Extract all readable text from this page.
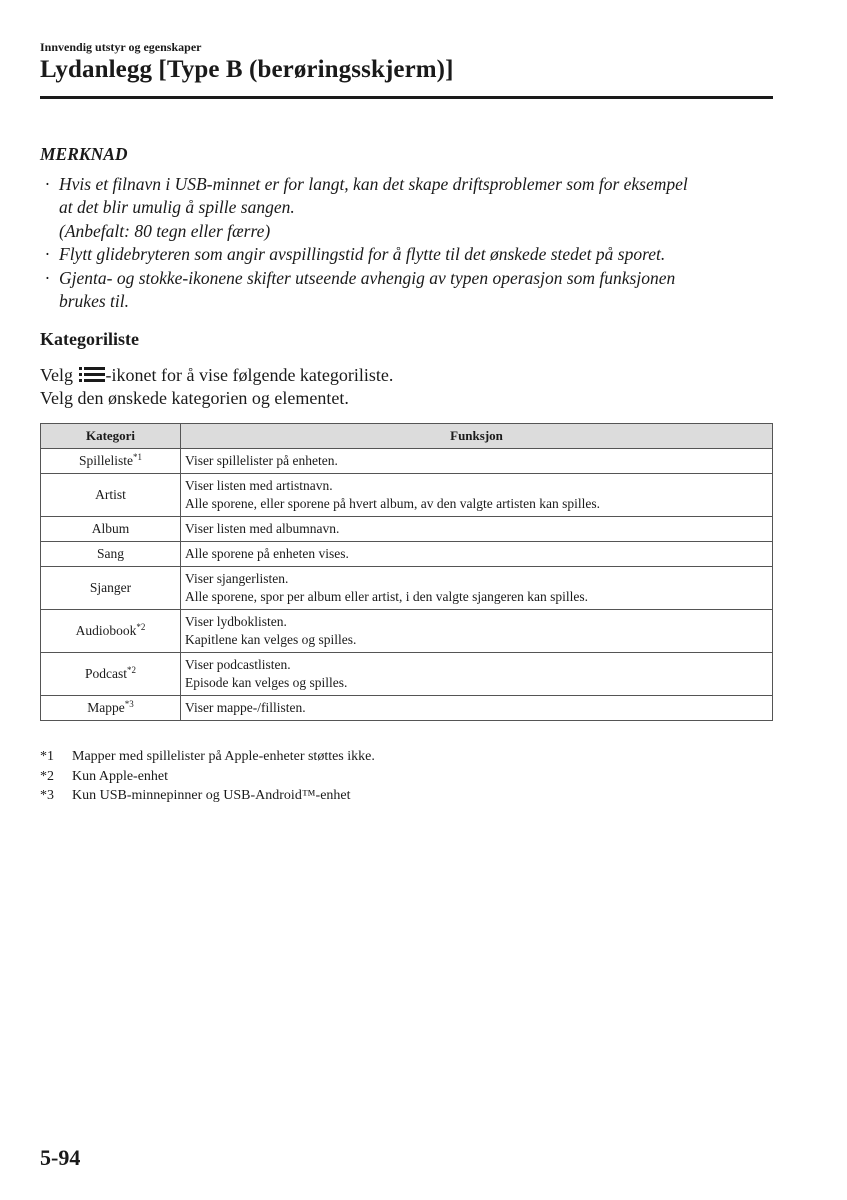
Innvendig utstyr og egenskaper
Lydanlegg [Type B (berøringsskjerm)]
MERKNAD
· Hvis et filnavn i USB-minnet er for langt, kan det skape driftsproblemer som for eksempel

at det blir umulig å spille sangen.

(Anbefalt: 80 tegn eller færre)

· Flytt glidebryteren som angir avspillingstid for å flytte til det ønskede stedet på sporet.

· Gjenta- og stokke-ikonene skifter utseende avhengig av typen operasjon som funksjonen

brukes til.

Kategoriliste

Velg -ikonet for å vise følgende kategoriliste.

Velg den ønskede kategorien og elementet.

Kategori	Funksjon
Spilleliste$^{*1}$	Viser spillelister på enheten.

Artist	Viser listen med artistnavn.
Alle sporene, eller sporene på hvert album, av den valgte artisten kan spilles.

Album	Viser listen med albumnavn.

Sang	Alle sporene på enheten vises.

Sjanger	Viser sjangerlisten.
Alle sporene, spor per album eller artist, i den valgte sjangeren kan spilles.

Audiobook$^{*2}$	Viser lydboklisten.
Kapitlene kan velges og spilles.

Podcast$^{*2}$	Viser podcastlisten.
Episode kan velges og spilles.

Mappe$^{*3}$	Viser mappe-/fillisten.
*1 Mapper med spillelister på Apple-enheter støttes ikke.
*2 Kun Apple-enhet
*3 Kun USB-minnepinner og USB-Android™-enhet
5-94
